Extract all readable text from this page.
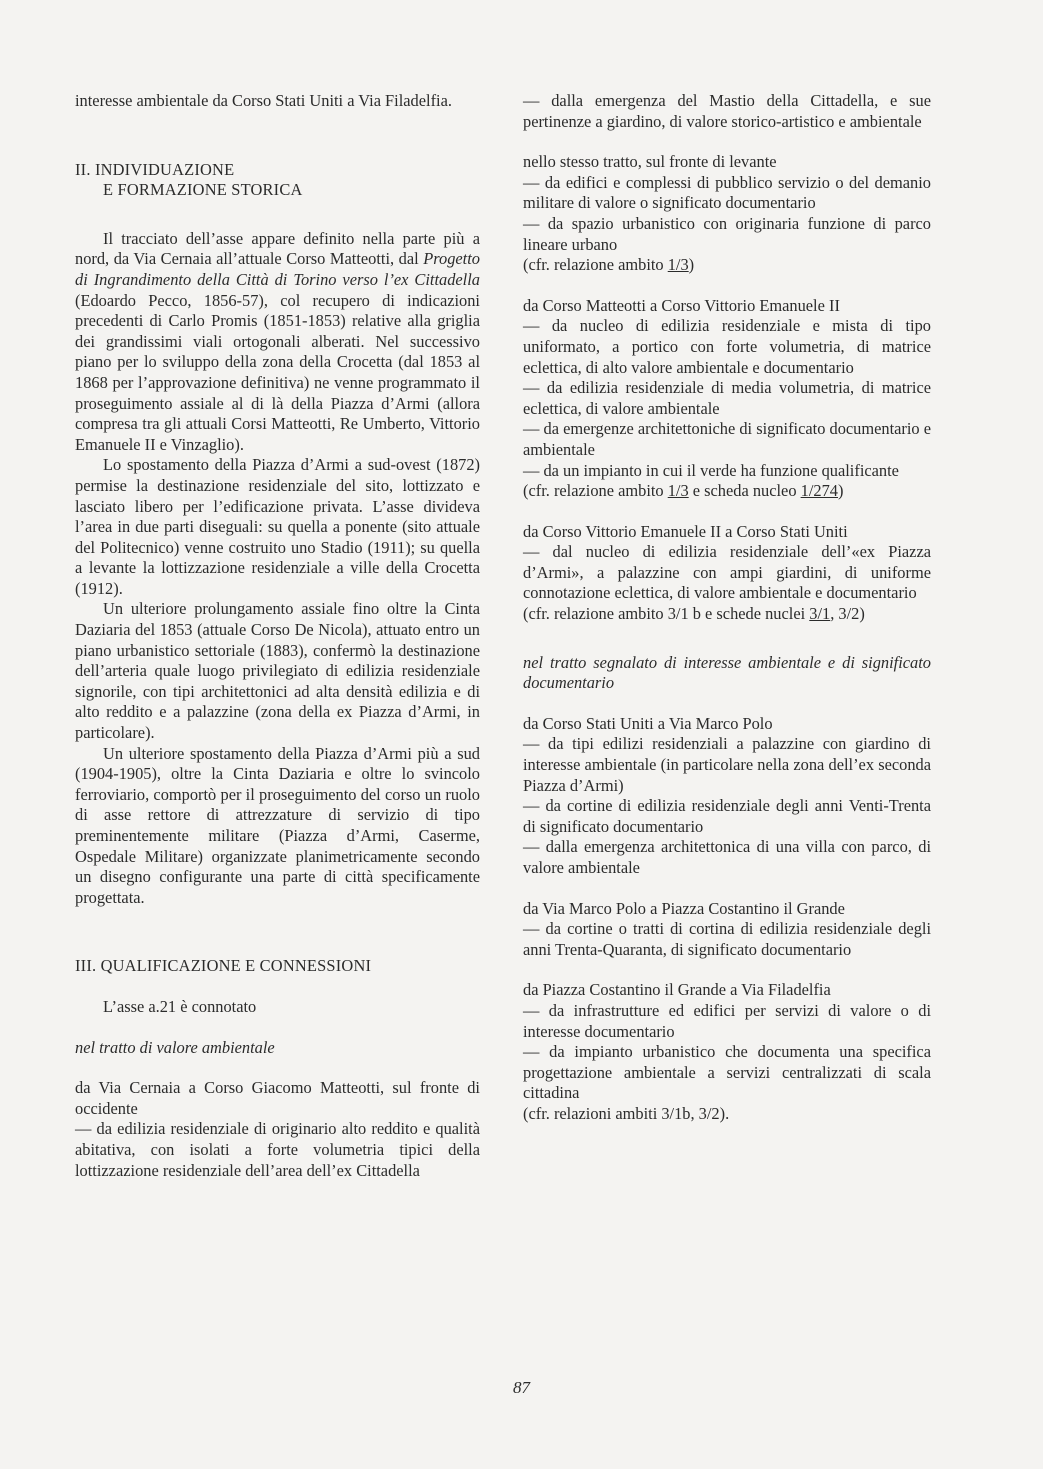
interesse ambientale da Corso Stati Uniti a Via Filadelfia.

II. INDIVIDUAZIONE

E FORMAZIONE STORICA

Il tracciato dell’asse appare definito nella parte più a nord, da Via Cernaia all’attuale Corso Matteotti, dal Progetto di Ingrandimento della Città di Torino verso l’ex Cittadella (Edoardo Pecco, 1856-57), col recupero di indicazioni precedenti di Carlo Promis (1851-1853) relative alla griglia dei grandissimi viali ortogonali alberati. Nel successivo piano per lo sviluppo della zona della Crocetta (dal 1853 al 1868 per l’approvazione definitiva) ne venne programmato il proseguimento assiale al di là della Piazza d’Armi (allora compresa tra gli attuali Corsi Matteotti, Re Umberto, Vittorio Emanuele II e Vinzaglio).

Lo spostamento della Piazza d’Armi a sud-ovest (1872) permise la destinazione residenziale del sito, lottizzato e lasciato libero per l’edificazione privata. L’asse divideva l’area in due parti diseguali: su quella a ponente (sito attuale del Politecnico) venne costruito uno Stadio (1911); su quella a levante la lottizzazione residenziale a ville della Crocetta (1912).

Un ulteriore prolungamento assiale fino oltre la Cinta Daziaria del 1853 (attuale Corso De Nicola), attuato entro un piano urbanistico settoriale (1883), confermò la destinazione dell’arteria quale luogo privilegiato di edilizia residenziale signorile, con tipi architettonici ad alta densità edilizia e di alto reddito e a palazzine (zona della ex Piazza d’Armi, in particolare).

Un ulteriore spostamento della Piazza d’Armi più a sud (1904-1905), oltre la Cinta Daziaria e oltre lo svincolo ferroviario, comportò per il proseguimento del corso un ruolo di asse rettore di attrezzature di servizio di tipo preminentemente militare (Piazza d’Armi, Caserme, Ospedale Militare) organizzate planimetricamente secondo un disegno configurante una parte di città specificamente progettata.

III. QUALIFICAZIONE E CONNESSIONI

L’asse a.21 è connotato

nel tratto di valore ambientale

da Via Cernaia a Corso Giacomo Matteotti, sul fronte di occidente

— da edilizia residenziale di originario alto reddito e qualità abitativa, con isolati a forte volumetria tipici della lottizzazione residenziale dell’area dell’ex Cittadella

— dalla emergenza del Mastio della Cittadella, e sue pertinenze a giardino, di valore storico-artistico e ambientale

nello stesso tratto, sul fronte di levante

— da edifici e complessi di pubblico servizio o del demanio militare di valore o significato documentario

— da spazio urbanistico con originaria funzione di parco lineare urbano

(cfr. relazione ambito 1/3)

da Corso Matteotti a Corso Vittorio Emanuele II

— da nucleo di edilizia residenziale e mista di tipo uniformato, a portico con forte volumetria, di matrice eclettica, di alto valore ambientale e documentario

— da edilizia residenziale di media volumetria, di matrice eclettica, di valore ambientale

— da emergenze architettoniche di significato documentario e ambientale

— da un impianto in cui il verde ha funzione qualificante

(cfr. relazione ambito 1/3 e scheda nucleo 1/274)

da Corso Vittorio Emanuele II a Corso Stati Uniti

— dal nucleo di edilizia residenziale dell’«ex Piazza d’Armi», a palazzine con ampi giardini, di uniforme connotazione eclettica, di valore ambientale e documentario

(cfr. relazione ambito 3/1 b e schede nuclei 3/1, 3/2)

nel tratto segnalato di interesse ambientale e di significato documentario

da Corso Stati Uniti a Via Marco Polo

— da tipi edilizi residenziali a palazzine con giardino di interesse ambientale (in particolare nella zona dell’ex seconda Piazza d’Armi)

— da cortine di edilizia residenziale degli anni Venti-Trenta di significato documentario

— dalla emergenza architettonica di una villa con parco, di valore ambientale

da Via Marco Polo a Piazza Costantino il Grande

— da cortine o tratti di cortina di edilizia residenziale degli anni Trenta-Quaranta, di significato documentario

da Piazza Costantino il Grande a Via Filadelfia

— da infrastrutture ed edifici per servizi di valore o di interesse documentario

— da impianto urbanistico che documenta una specifica progettazione ambientale a servizi centralizzati di scala cittadina

(cfr. relazioni ambiti 3/1b, 3/2).

87
